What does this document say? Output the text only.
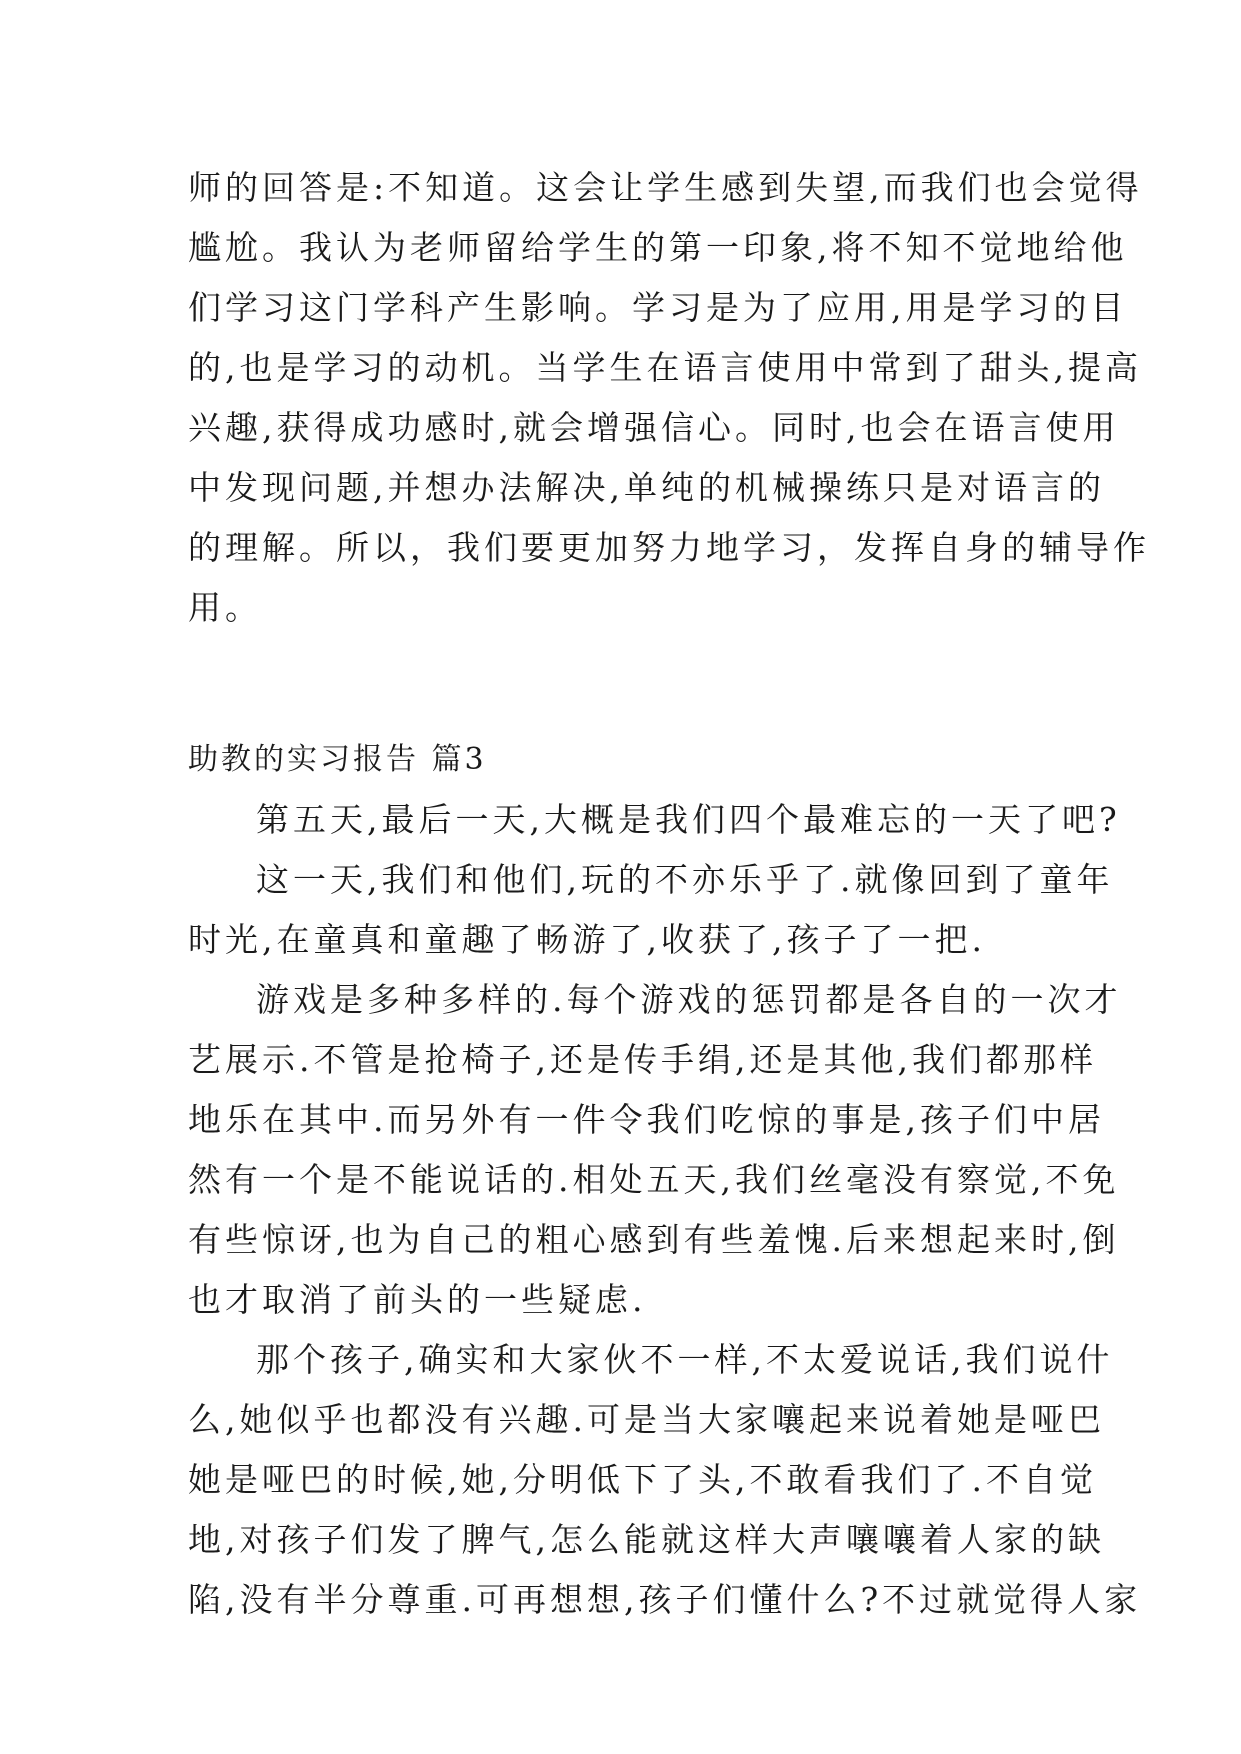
师的回答是:不知道。这会让学生感到失望,而我们也会觉得
尴尬。我认为老师留给学生的第一印象,将不知不觉地给他
们学习这门学科产生影响。学习是为了应用,用是学习的目
的,也是学习的动机。当学生在语言使用中常到了甜头,提高
兴趣,获得成功感时,就会增强信心。同时,也会在语言使用
中发现问题,并想办法解决,单纯的机械操练只是对语言的
的理解。所以，我们要更加努力地学习，发挥自身的辅导作
用。
助教的实习报告 篇3
第五天,最后一天,大概是我们四个最难忘的一天了吧?
这一天,我们和他们,玩的不亦乐乎了.就像回到了童年
时光,在童真和童趣了畅游了,收获了,孩子了一把.
游戏是多种多样的.每个游戏的惩罚都是各自的一次才
艺展示.不管是抢椅子,还是传手绢,还是其他,我们都那样
地乐在其中.而另外有一件令我们吃惊的事是,孩子们中居
然有一个是不能说话的.相处五天,我们丝毫没有察觉,不免
有些惊讶,也为自己的粗心感到有些羞愧.后来想起来时,倒
也才取消了前头的一些疑虑.
那个孩子,确实和大家伙不一样,不太爱说话,我们说什
么,她似乎也都没有兴趣.可是当大家嚷起来说着她是哑巴
她是哑巴的时候,她,分明低下了头,不敢看我们了.不自觉
地,对孩子们发了脾气,怎么能就这样大声嚷嚷着人家的缺
陷,没有半分尊重.可再想想,孩子们懂什么?不过就觉得人家
